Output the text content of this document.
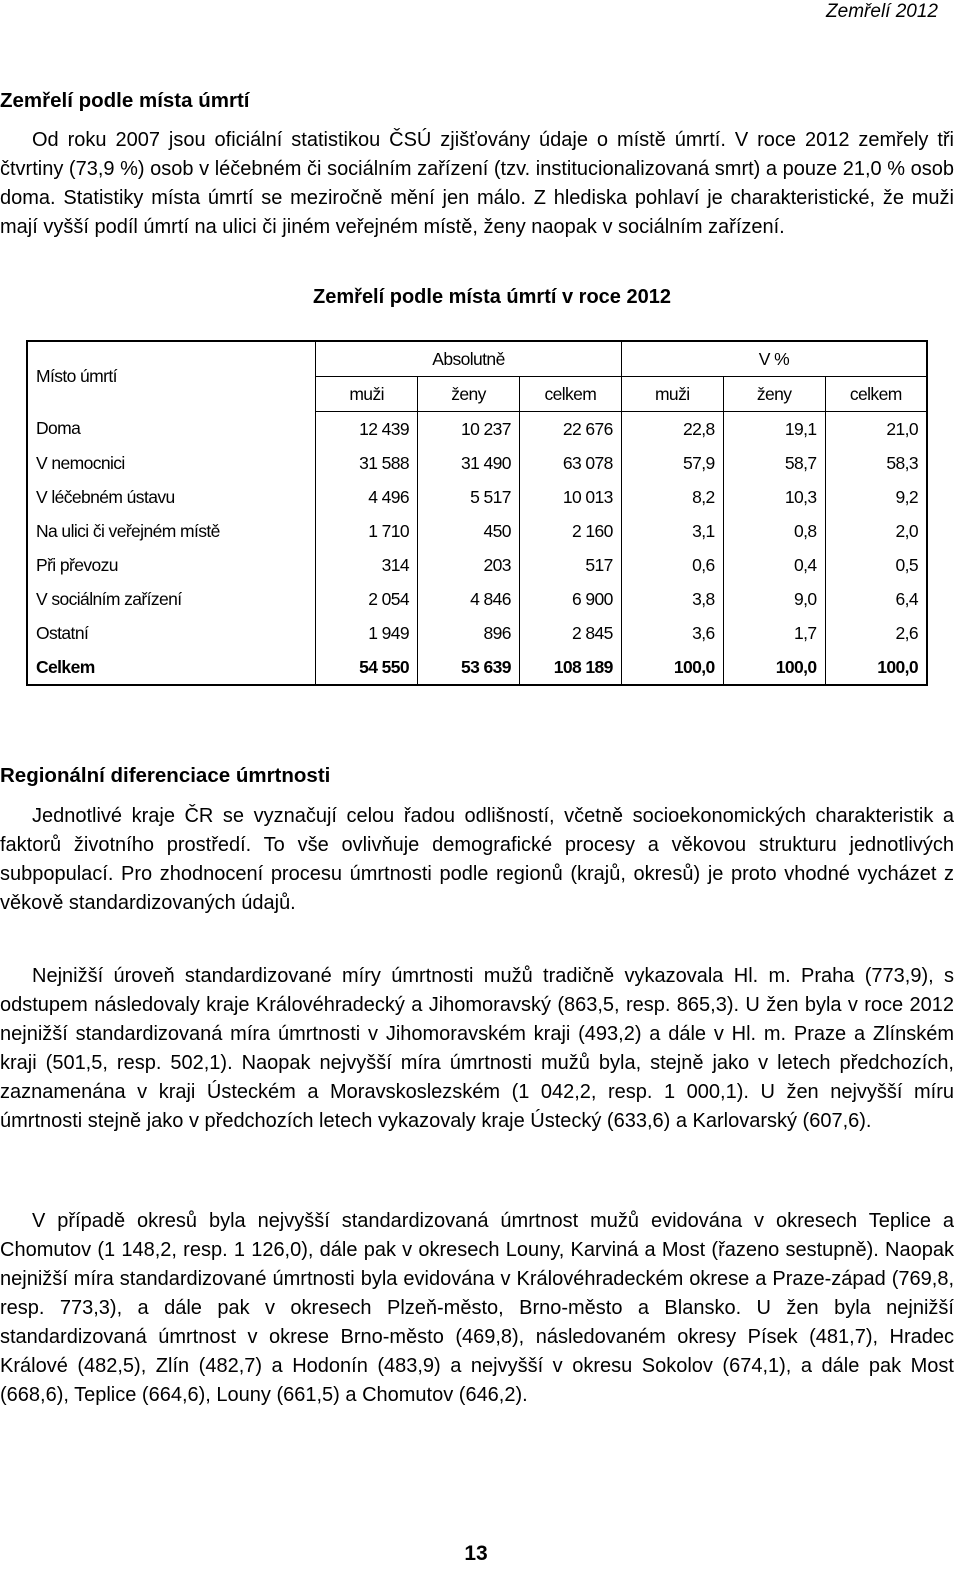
Zemřelí 2012
Zemřelí podle místa úmrtí

Od roku 2007 jsou oficiální statistikou ČSÚ zjišťovány údaje o místě úmrtí. V roce 2012 zemřely tři čtvrtiny (73,9 %) osob v léčebném či sociálním zařízení (tzv. institucionalizovaná smrt) a pouze 21,0 % osob doma. Statistiky místa úmrtí se meziročně mění jen málo. Z hlediska pohlaví je charakteristické, že muži mají vyšší podíl úmrtí na ulici či jiném veřejném místě, ženy naopak v sociálním zařízení.

Zemřelí podle místa úmrtí v roce 2012
Místo úmrtí	Absolutně			V %		
	muži	ženy	celkem	muži	ženy	celkem
Doma	12 439	10 237	22 676	22,8	19,1	21,0
V nemocnici	31 588	31 490	63 078	57,9	58,7	58,3
V léčebném ústavu	4 496	5 517	10 013	8,2	10,3	9,2
Na ulici či veřejném místě	1 710	450	2 160	3,1	0,8	2,0
Při převozu	314	203	517	0,6	0,4	0,5
V sociálním zařízení	2 054	4 846	6 900	3,8	9,0	6,4
Ostatní	1 949	896	2 845	3,6	1,7	2,6
Celkem	54 550	53 639	108 189	100,0	100,0	100,0
Regionální diferenciace úmrtnosti

Jednotlivé kraje ČR se vyznačují celou řadou odlišností, včetně socioekonomických charakteristik a faktorů životního prostředí. To vše ovlivňuje demografické procesy a věkovou strukturu jednotlivých subpopulací. Pro zhodnocení procesu úmrtnosti podle regionů (krajů, okresů) je proto vhodné vycházet z věkově standardizovaných údajů.

Nejnižší úroveň standardizované míry úmrtnosti mužů tradičně vykazovala Hl. m. Praha (773,9), s odstupem následovaly kraje Královéhradecký a Jihomoravský (863,5, resp. 865,3). U žen byla v roce 2012 nejnižší standardizovaná míra úmrtnosti v Jihomoravském kraji (493,2) a dále v Hl. m. Praze a Zlínském kraji (501,5, resp. 502,1). Naopak nejvyšší míra úmrtnosti mužů byla, stejně jako v letech předchozích, zaznamenána v kraji Ústeckém a Moravskoslezském (1 042,2, resp. 1 000,1). U žen nejvyšší míru úmrtnosti stejně jako v předchozích letech vykazovaly kraje Ústecký (633,6) a Karlovarský (607,6).

V případě okresů byla nejvyšší standardizovaná úmrtnost mužů evidována v okresech Teplice a Chomutov (1 148,2, resp. 1 126,0), dále pak v okresech Louny, Karviná a Most (řazeno sestupně). Naopak nejnižší míra standardizované úmrtnosti byla evidována v Královéhradeckém okrese a Praze-západ (769,8, resp. 773,3), a dále pak v okresech Plzeň-město, Brno-město a Blansko. U žen byla nejnižší standardizovaná úmrtnost v okrese Brno-město (469,8), následovaném okresy Písek (481,7), Hradec Králové (482,5), Zlín (482,7) a Hodonín (483,9) a nejvyšší v okresu Sokolov (674,1), a dále pak Most (668,6), Teplice (664,6), Louny (661,5) a Chomutov (646,2).

13
